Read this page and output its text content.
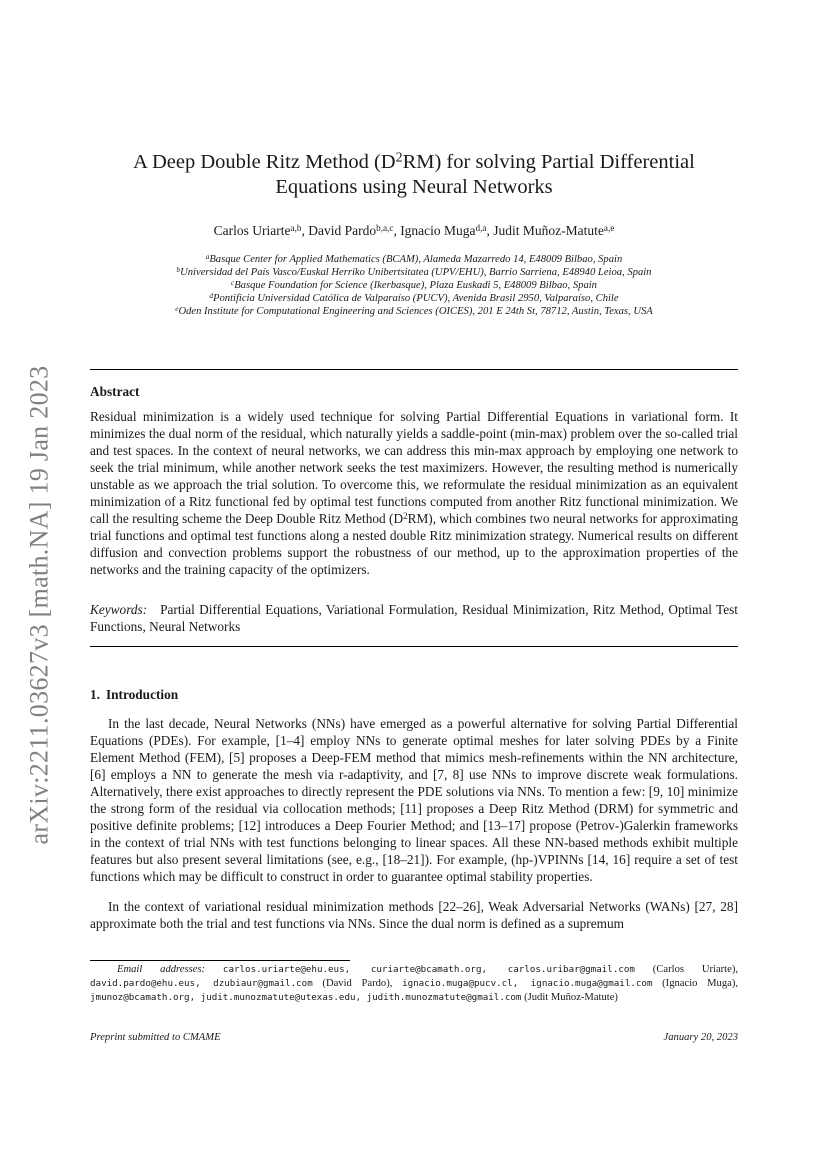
arXiv:2211.03627v3 [math.NA] 19 Jan 2023
A Deep Double Ritz Method $(D^2RM)$ for solving Partial Differential
Equations using Neural Networks
Carlos Uriarte$^{a,b}$, David Pardo$^{b,a,c}$, Ignacio Muga$^{d,a}$, Judit Muñoz-Matute$^{a,e}$
$^a$Basque Center for Applied Mathematics (BCAM), Alameda Mazarredo 14, E48009 Bilbao, Spain
$^b$Universidad del País Vasco/Euskal Herriko Unibertsitatea (UPV/EHU), Barrio Sarriena, E48940 Leioa, Spain
$^c$Basque Foundation for Science (Ikerbasque), Plaza Euskadi 5, E48009 Bilbao, Spain
$^d$Pontificia Universidad Católica de Valparaíso (PUCV), Avenida Brasil 2950, Valparaíso, Chile
$^e$Oden Institute for Computational Engineering and Sciences (OICES), 201 E 24th St, 78712, Austin, Texas, USA
Abstract
Residual minimization is a widely used technique for solving Partial Differential Equations in variational form. It minimizes the dual norm of the residual, which naturally yields a saddle-point (min-max) problem over the so-called trial and test spaces. In the context of neural networks, we can address this min-max approach by employing one network to seek the trial minimum, while another network seeks the test maximizers. However, the resulting method is numerically unstable as we approach the trial solution. To overcome this, we reformulate the residual minimization as an equivalent minimization of a Ritz functional fed by optimal test functions computed from another Ritz functional minimization. We call the resulting scheme the Deep Double Ritz Method $(D^2RM)$, which combines two neural networks for approximating trial functions and optimal test functions along a nested double Ritz minimization strategy. Numerical results on different diffusion and convection problems support the robustness of our method, up to the approximation properties of the networks and the training capacity of the optimizers.
Keywords: Partial Differential Equations, Variational Formulation, Residual Minimization, Ritz Method, Optimal Test Functions, Neural Networks
1. Introduction
In the last decade, Neural Networks (NNs) have emerged as a powerful alternative for solving Partial Differential Equations (PDEs). For example, [1–4] employ NNs to generate optimal meshes for later solving PDEs by a Finite Element Method (FEM), [5] proposes a Deep-FEM method that mimics mesh-refinements within the NN architecture, [6] employs a NN to generate the mesh via r-adaptivity, and [7, 8] use NNs to improve discrete weak formulations. Alternatively, there exist approaches to directly represent the PDE solutions via NNs. To mention a few: [9, 10] minimize the strong form of the residual via collocation methods; [11] proposes a Deep Ritz Method (DRM) for symmetric and positive definite problems; [12] introduces a Deep Fourier Method; and [13–17] propose (Petrov-)Galerkin frameworks in the context of trial NNs with test functions belonging to linear spaces. All these NN-based methods exhibit multiple features but also present several limitations (see, e.g., [18–21]). For example, (hp-)VPINNs [14, 16] require a set of test functions which may be difficult to construct in order to guarantee optimal stability properties.
In the context of variational residual minimization methods [22–26], Weak Adversarial Networks (WANs) [27, 28] approximate both the trial and test functions via NNs. Since the dual norm is defined as a supremum
Email addresses: carlos.uriarte@ehu.eus, curiarte@bcamath.org, carlos.uribar@gmail.com (Carlos Uriarte), david.pardo@ehu.eus, dzubiaur@gmail.com (David Pardo), ignacio.muga@pucv.cl, ignacio.muga@gmail.com (Ignacio Muga), jmunoz@bcamath.org, judit.munozmatute@utexas.edu, judith.munozmatute@gmail.com (Judit Muñoz-Matute)
Preprint submitted to CMAME	January 20, 2023
